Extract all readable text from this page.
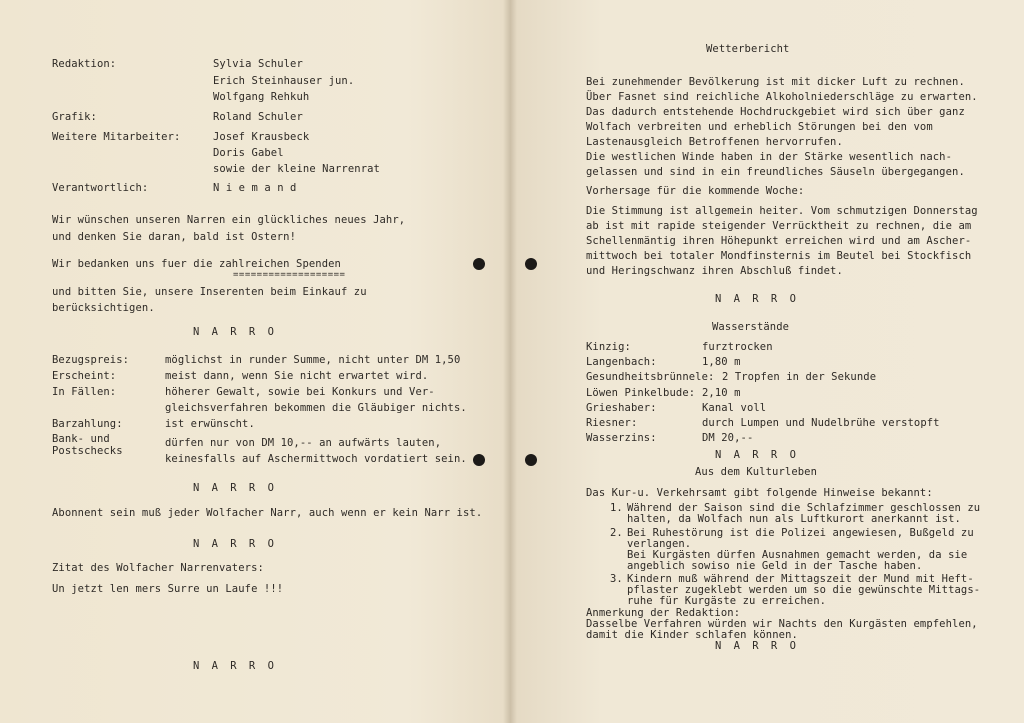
Redaktion:	Sylvia Schuler
Erich Steinhauser jun.
Wolfgang Rehkuh
Grafik:	Roland Schuler
Weitere Mitarbeiter:	Josef Krausbeck
Doris Gabel
sowie der kleine Narrenrat
Verantwortlich:	N i e m a n d
Wir wünschen unseren Narren ein glückliches neues Jahr,
und denken Sie daran, bald ist Ostern!
Wir bedanken uns fuer die zahlreichen Spenden
===================
und bitten Sie, unsere Inserenten beim Einkauf zu
berücksichtigen.
N A R R O
Bezugspreis:	möglichst in runder Summe, nicht unter DM 1,50
Erscheint:	meist dann, wenn Sie nicht erwartet wird.
In Fällen:	höherer Gewalt, sowie bei Konkurs und Ver-
gleichsverfahren bekommen die Gläubiger nichts.
Barzahlung:	ist erwünscht.
Bank- und	dürfen nur von DM 10,-- an aufwärts lauten,
Postschecks
keinesfalls auf Aschermittwoch vordatiert sein.
N A R R O
Abonnent sein muß jeder Wolfacher Narr, auch wenn er kein Narr ist.
N A R R O
Zitat des Wolfacher Narrenvaters:
Un jetzt len mers Surre un Laufe !!!
N A R R O
Wetterbericht
Bei zunehmender Bevölkerung ist mit dicker Luft zu rechnen.
Über Fasnet sind reichliche Alkoholniederschläge zu erwarten.
Das dadurch entstehende Hochdruckgebiet wird sich über ganz
Wolfach verbreiten und erheblich Störungen bei den vom
Lastenausgleich Betroffenen hervorrufen.
Die westlichen Winde haben in der Stärke wesentlich nach-
gelassen und sind in ein freundliches Säuseln übergegangen.
Vorhersage für die kommende Woche:
Die Stimmung ist allgemein heiter. Vom schmutzigen Donnerstag
ab ist mit rapide steigender Verrücktheit zu rechnen, die am
Schellenmäntig ihren Höhepunkt erreichen wird und am Ascher-
mittwoch bei totaler Mondfinsternis im Beutel bei Stockfisch
und Heringschwanz ihren Abschluß findet.
N A R R O
Wasserstände
Kinzig:	furztrocken
Langenbach:	1,80 m
Gesundheitsbrünnele: 2 Tropfen in der Sekunde
Löwen Pinkelbude: 2,10 m
Grieshaber:	Kanal voll
Riesner:	durch Lumpen und Nudelbrühe verstopft
Wasserzins:	DM 20,--
N A R R O
Aus dem Kulturleben
Das Kur-u. Verkehrsamt gibt folgende Hinweise bekannt:
1. Während der Saison sind die Schlafzimmer geschlossen zu
halten, da Wolfach nun als Luftkurort anerkannt ist.
2. Bei Ruhestörung ist die Polizei angewiesen, Bußgeld zu
verlangen.
Bei Kurgästen dürfen Ausnahmen gemacht werden, da sie
angeblich sowiso nie Geld in der Tasche haben.
3. Kindern muß während der Mittagszeit der Mund mit Heft-
pflaster zugeklebt werden um so die gewünschte Mittags-
ruhe für Kurgäste zu erreichen.
Anmerkung der Redaktion:
Dasselbe Verfahren würden wir Nachts den Kurgästen empfehlen,
damit die Kinder schlafen können.
N A R R O
